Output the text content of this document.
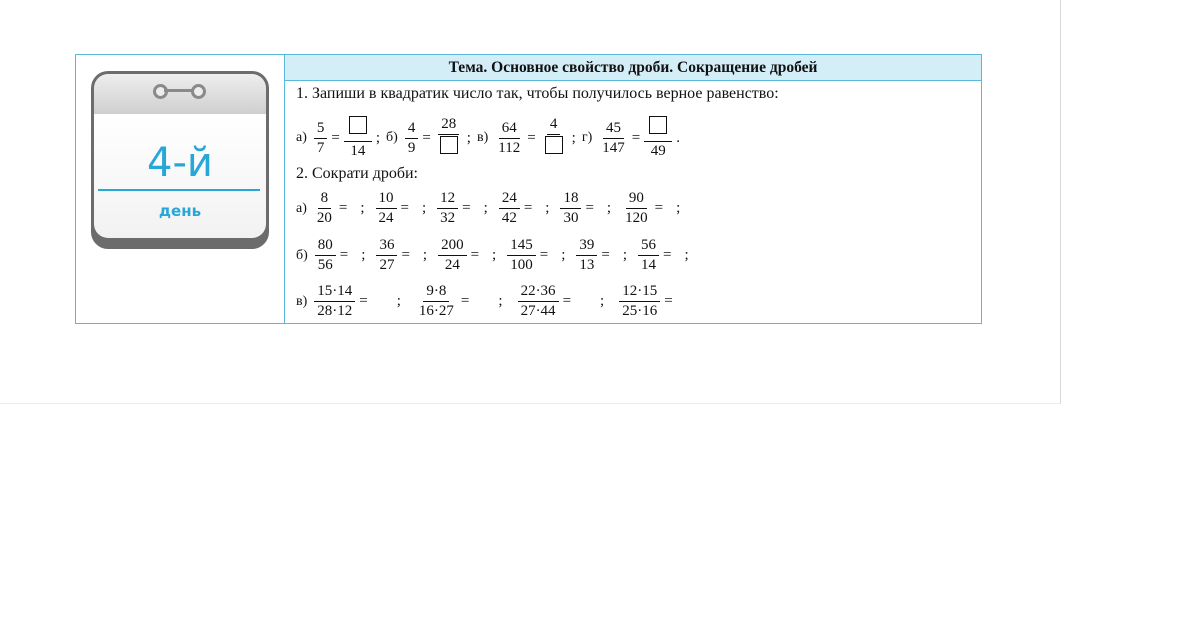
4-й
день
Тема. Основное свойство дроби. Сокращение дробей
1. Запиши в квадратик число так, чтобы получилось верное равенство:
$а) \frac{5}{7}$ =
14
; $б) \frac{4}{9}$ =
28
; $в) \frac{64}{112}$ =
4
; $г) \frac{45}{147}$ =
49
.
2. Сократи дроби:
$а) \frac{8}{20}$ = ; $\frac{10}{24}$ = ; $\frac{12}{32}$ = ; $\frac{24}{42}$ = ; $\frac{18}{30}$ = ; $\frac{90}{120}$ = ;
$б) \frac{80}{56}$ = ; $\frac{36}{27}$ = ; $\frac{200}{24}$ = ; $\frac{145}{100}$ = ; $\frac{39}{13}$ = ; $\frac{56}{14}$ = ;
$в) \frac{15\cdot 14}{28\cdot 12}$ = ; $\frac{9\cdot 8}{16\cdot 27}$ = ; $\frac{22\cdot 36}{27\cdot 44}$ = ; $\frac{12\cdot 15}{25\cdot 16}$ =
